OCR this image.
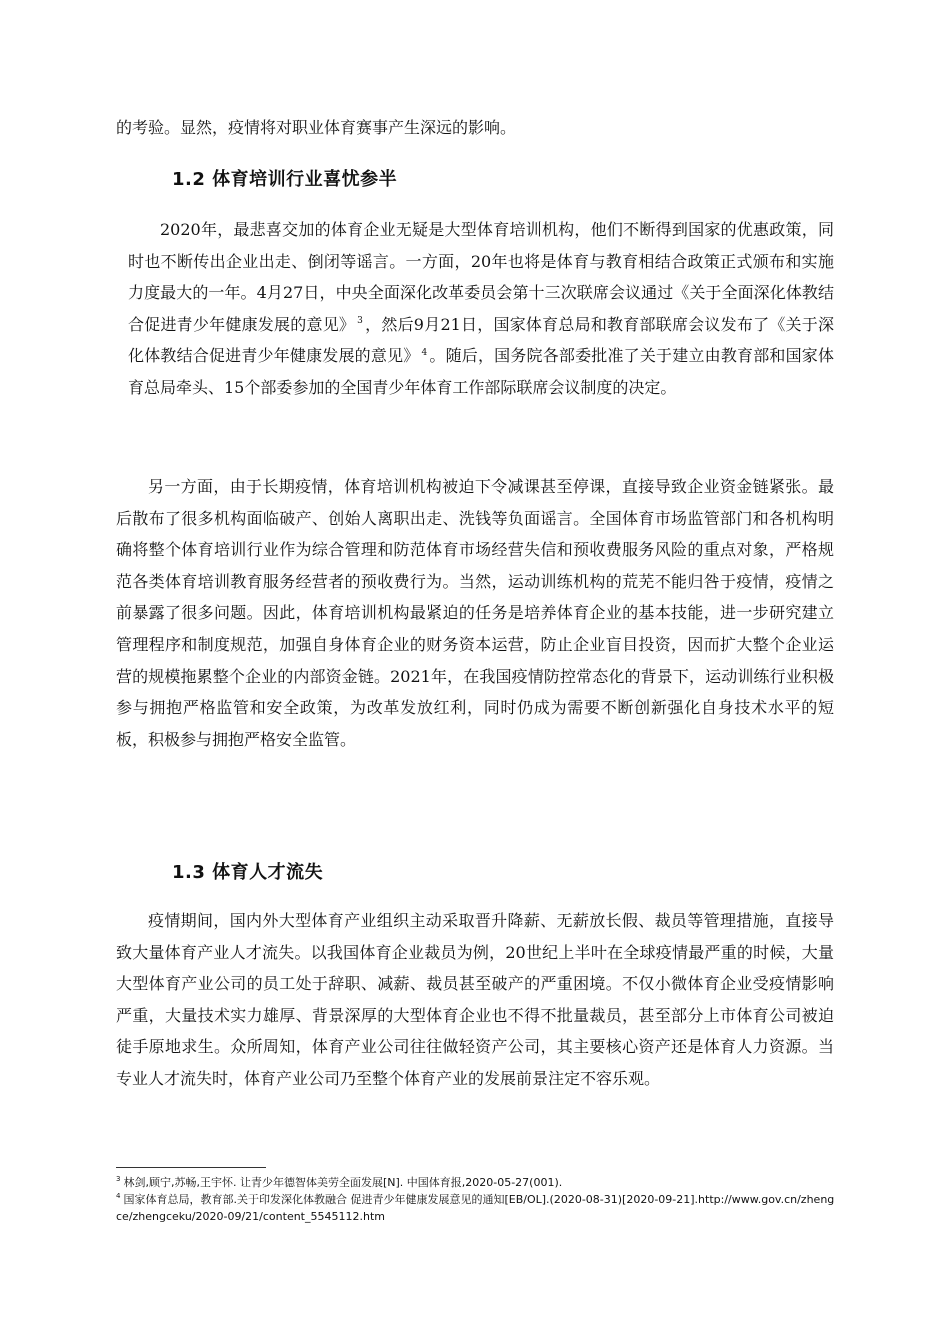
的考验。显然，疫情将对职业体育赛事产生深远的影响。

1.2 体育培训行业喜忧参半

2020年，最悲喜交加的体育企业无疑是大型体育培训机构，他们不断得到国家的优惠政策，同时也不断传出企业出走、倒闭等谣言。一方面，20年也将是体育与教育相结合政策正式颁布和实施力度最大的一年。4月27日，中央全面深化改革委员会第十三次联席会议通过《关于全面深化体教结合促进青少年健康发展的意见》 $^3$ ，然后9月21日，国家体育总局和教育部联席会议发布了《关于深化体教结合促进青少年健康发展的意见》 $^4$ 。随后，国务院各部委批准了关于建立由教育部和国家体育总局牵头、15个部委参加的全国青少年体育工作部际联席会议制度的决定。

另一方面，由于长期疫情，体育培训机构被迫下令减课甚至停课，直接导致企业资金链紧张。最后散布了很多机构面临破产、创始人离职出走、洗钱等负面谣言。全国体育市场监管部门和各机构明确将整个体育培训行业作为综合管理和防范体育市场经营失信和预收费服务风险的重点对象，严格规范各类体育培训教育服务经营者的预收费行为。当然，运动训练机构的荒芜不能归咎于疫情，疫情之前暴露了很多问题。因此，体育培训机构最紧迫的任务是培养体育企业的基本技能，进一步研究建立管理程序和制度规范，加强自身体育企业的财务资本运营，防止企业盲目投资，因而扩大整个企业运营的规模拖累整个企业的内部资金链。2021年，在我国疫情防控常态化的背景下，运动训练行业积极参与拥抱严格监管和安全政策，为改革发放红利，同时仍成为需要不断创新强化自身技术水平的短板，积极参与拥抱严格安全监管。

1.3 体育人才流失

疫情期间，国内外大型体育产业组织主动采取晋升降薪、无薪放长假、裁员等管理措施，直接导致大量体育产业人才流失。以我国体育企业裁员为例，20世纪上半叶在全球疫情最严重的时候，大量大型体育产业公司的员工处于辞职、减薪、裁员甚至破产的严重困境。不仅小微体育企业受疫情影响严重，大量技术实力雄厚、背景深厚的大型体育企业也不得不批量裁员，甚至部分上市体育公司被迫徒手原地求生。众所周知，体育产业公司往往做轻资产公司，其主要核心资产还是体育人力资源。当专业人才流失时，体育产业公司乃至整个体育产业的发展前景注定不容乐观。

$^3$ 林剑,顾宁,苏畅,王宇怀. 让青少年德智体美劳全面发展[N]. 中国体育报,2020-05-27(001).

$^4$ 国家体育总局，教育部.关于印发深化体教融合 促进青少年健康发展意见的通知[EB/OL].(2020-08-31)[2020-09-21].http://www.gov.cn/zhengce/zhengceku/2020-09/21/content_5545112.htm
